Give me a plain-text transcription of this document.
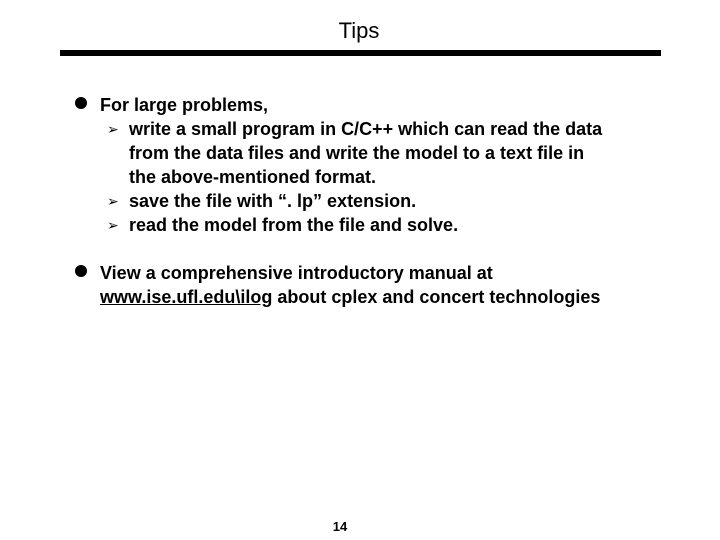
Tips
For large problems,
➢ write a small program in C/C++ which can read the data
from the data files and write the model to a text file in
the above-mentioned format.
➢ save the file with “. lp” extension.
➢ read the model from the file and solve.
View a comprehensive introductory manual at
www.ise.ufl.edu\ilog about cplex and concert technologies
14
